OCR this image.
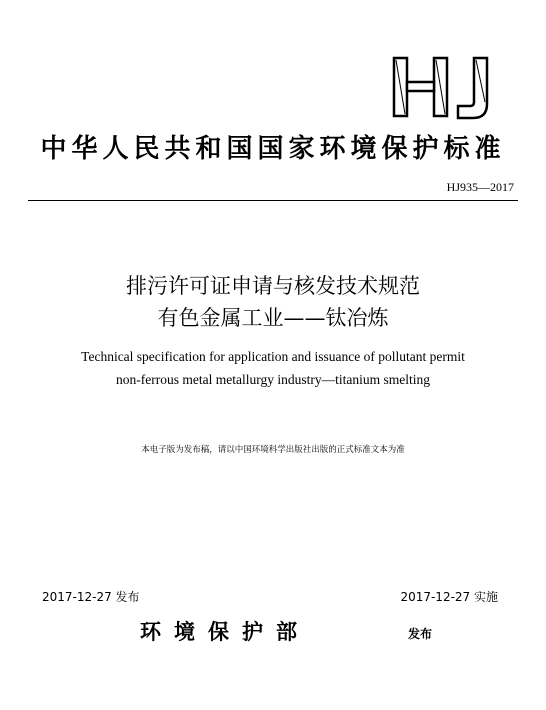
中华人民共和国国家环境保护标准
HJ935—2017
排污许可证申请与核发技术规范
有色金属工业——钛冶炼
Technical specification for application and issuance of pollutant permit
non-ferrous metal metallurgy industry—titanium smelting
本电子版为发布稿，请以中国环境科学出版社出版的正式标准文本为准
2017-12-27 发布	2017-12-27 实施
环境保护部	发布
